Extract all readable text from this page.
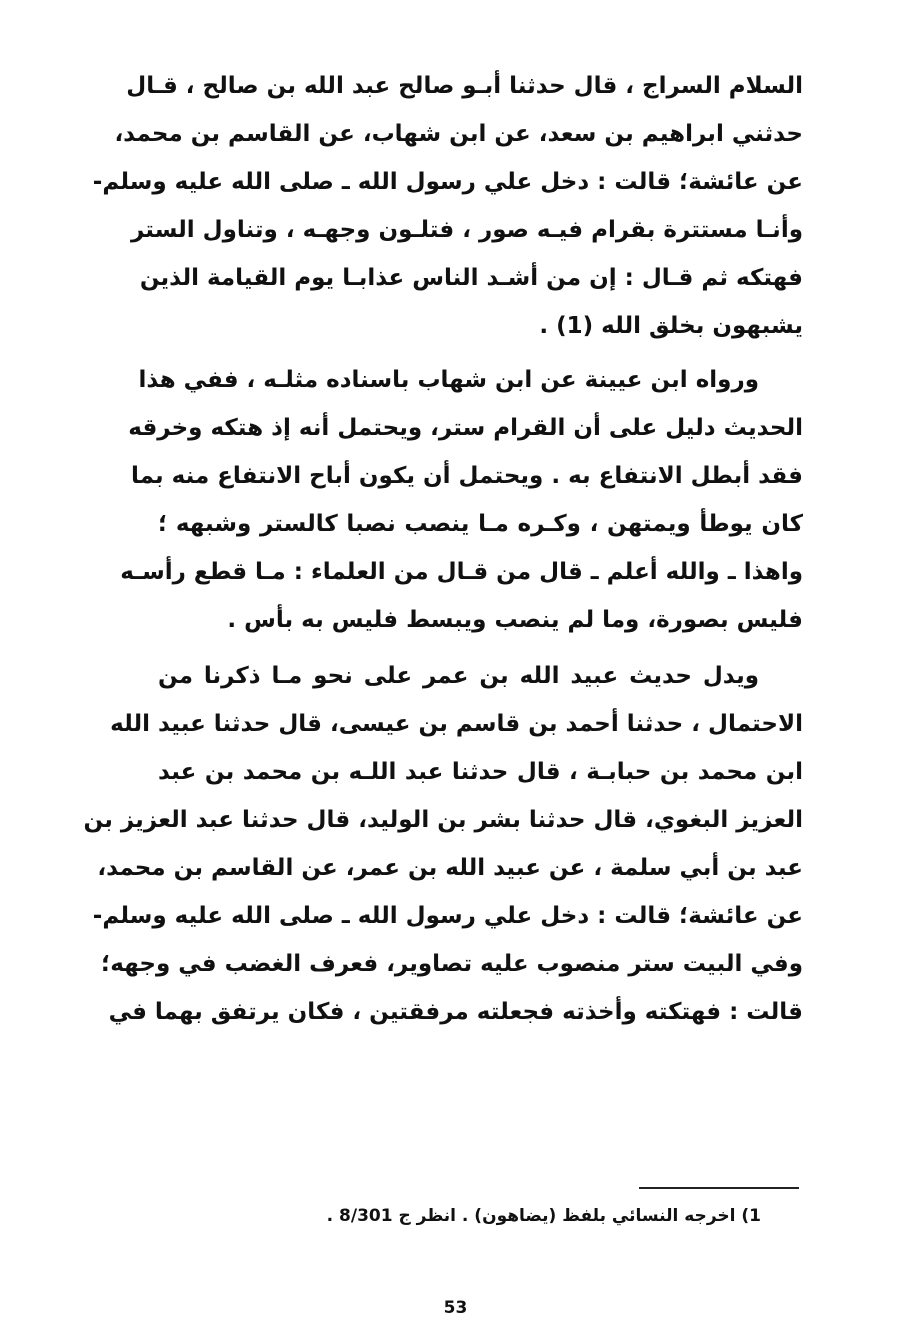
السلام السراج ، قال حدثنا أبـو صالح عبد الله بن صالح ، قـال
حدثني ابراهيم بن سعد، عن ابن شهاب، عن القاسم بن محمد،
عن عائشة؛ قالت : دخل علي رسول الله ـ صلى الله عليه وسلم-
وأنـا مستترة بقرام فيـه صور ، فتلـون وجهـه ، وتناول الستر
فهتكه ثم قـال : إن من أشـد الناس عذابـا يوم القيامة الذين
يشبهون بخلق الله (1) .
ورواه ابن عيينة عن ابن شهاب باسناده مثلـه ، ففي هذا
الحديث دليل على أن القرام ستر، ويحتمل أنه إذ هتكه وخرقه
فقد أبطل الانتفاع به . ويحتمل أن يكون أباح الانتفاع منه بما
كان يوطأ ويمتهن ، وكـره مـا ينصب نصبا كالستر وشبهه ؛
واهذا ـ والله أعلم ـ قال من قـال من العلماء : مـا قطع رأسـه
فليس بصورة، وما لم ينصب ويبسط فليس به بأس .
ويدل حديث عبيد الله بن عمر على نحو مـا ذكرنا من
الاحتمال ، حدثنا أحمد بن قاسم بن عيسى، قال حدثنا عبيد الله
ابن محمد بن حبابـة ، قال حدثنا عبد اللـه بن محمد بن عبد
العزيز البغوي، قال حدثنا بشر بن الوليد، قال حدثنا عبد العزيز بن
عبد بن أبي سلمة ، عن عبيد الله بن عمر، عن القاسم بن محمد،
عن عائشة؛ قالت : دخل علي رسول الله ـ صلى الله عليه وسلم-
وفي البيت ستر منصوب عليه تصاوير، فعرف الغضب في وجهه؛
قالت : فهتكته وأخذته فجعلته مرفقتين ، فكان يرتفق بهما في
1) اخرجه النسائي بلفظ (يضاهون) . انظر ج 8/301 .
53
